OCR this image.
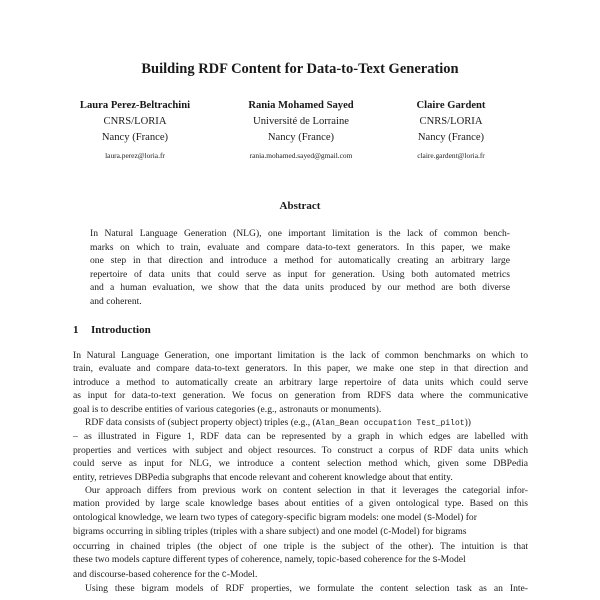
Building RDF Content for Data-to-Text Generation
Laura Perez-Beltrachini
CNRS/LORIA
Nancy (France)
laura.perez@loria.fr
Rania Mohamed Sayed
Université de Lorraine
Nancy (France)
rania.mohamed.sayed@gmail.com
Claire Gardent
CNRS/LORIA
Nancy (France)
claire.gardent@loria.fr
Abstract
In Natural Language Generation (NLG), one important limitation is the lack of common bench-
marks on which to train, evaluate and compare data-to-text generators. In this paper, we make
one step in that direction and introduce a method for automatically creating an arbitrary large
repertoire of data units that could serve as input for generation. Using both automated metrics
and a human evaluation, we show that the data units produced by our method are both diverse
and coherent.
1 Introduction
In Natural Language Generation, one important limitation is the lack of common benchmarks on which to
train, evaluate and compare data-to-text generators. In this paper, we make one step in that direction and
introduce a method to automatically create an arbitrary large repertoire of data units which could serve
as input for data-to-text generation. We focus on generation from RDFS data where the communicative
goal is to describe entities of various categories (e.g., astronauts or monuments).
RDF data consists of (subject property object) triples (e.g., (Alan_Bean occupation Test_pilot))
– as illustrated in Figure 1, RDF data can be represented by a graph in which edges are labelled with
properties and vertices with subject and object resources. To construct a corpus of RDF data units which
could serve as input for NLG, we introduce a content selection method which, given some DBPedia
entity, retrieves DBPedia subgraphs that encode relevant and coherent knowledge about that entity.
Our approach differs from previous work on content selection in that it leverages the categorial infor-
mation provided by large scale knowledge bases about entities of a given ontological type. Based on this
ontological knowledge, we learn two types of category-specific bigram models: one model (S-Model) for
bigrams occurring in sibling triples (triples with a share subject) and one model (C-Model) for bigrams
occurring in chained triples (the object of one triple is the subject of the other). The intuition is that
these two models capture different types of coherence, namely, topic-based coherence for the S-Model
and discourse-based coherence for the C-Model.
Using these bigram models of RDF properties, we formulate the content selection task as an Inte-
